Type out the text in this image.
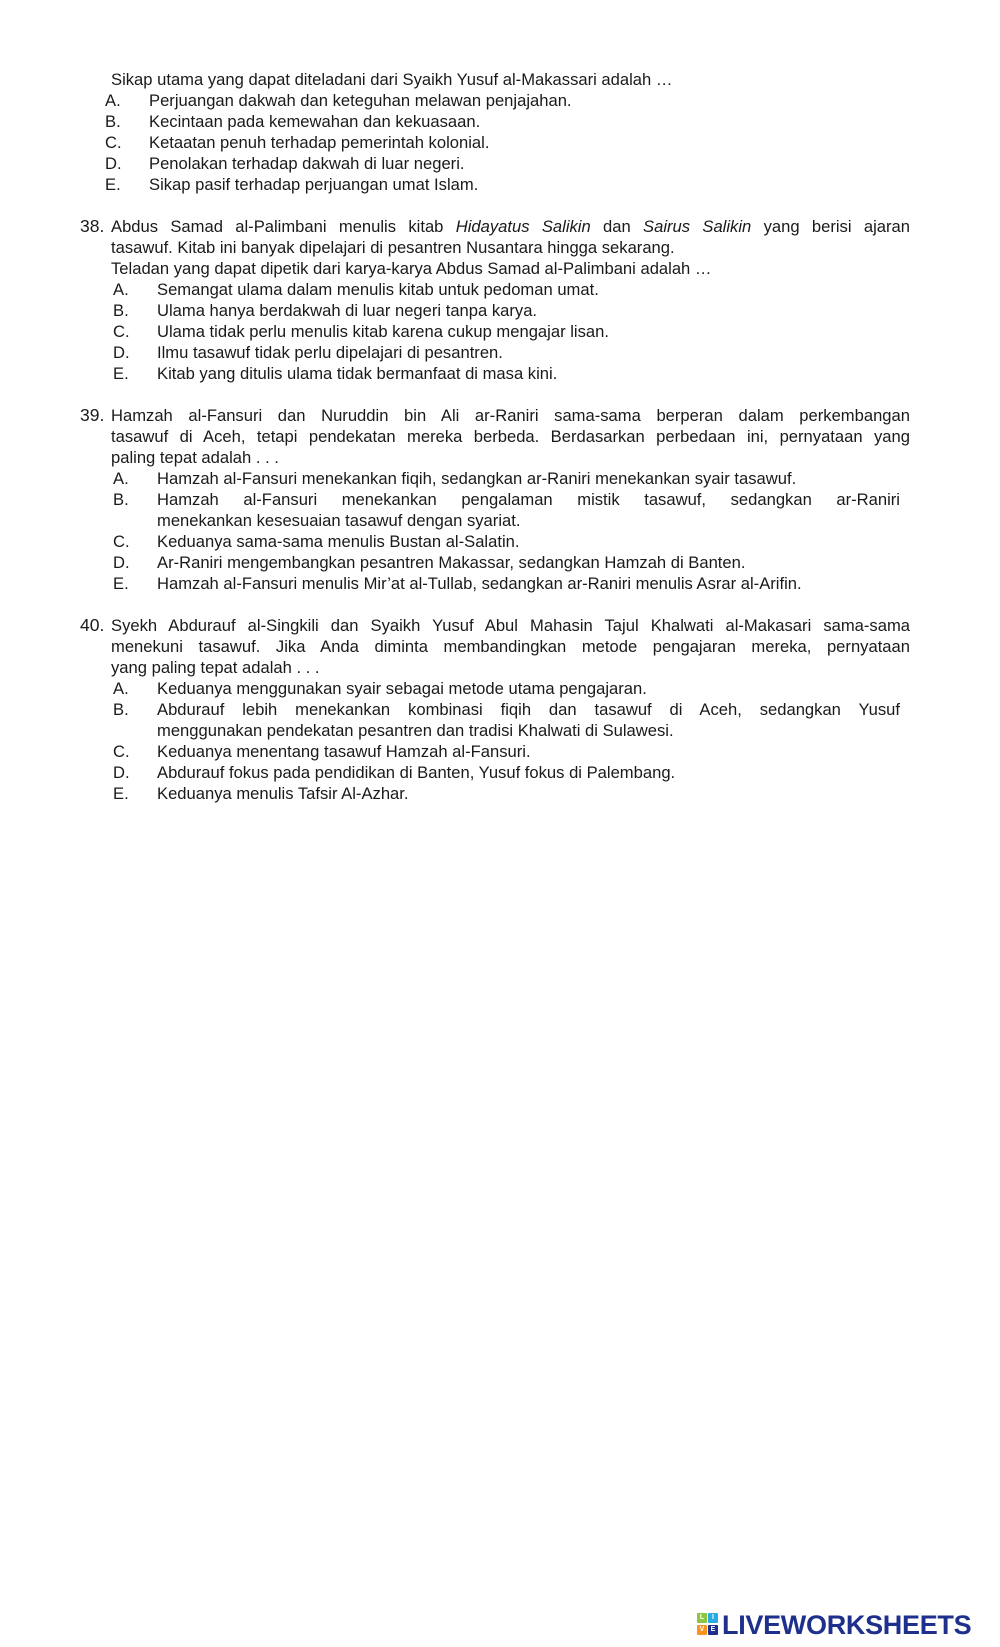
Sikap utama yang dapat diteladani dari Syaikh Yusuf al-Makassari adalah …
A. Perjuangan dakwah dan keteguhan melawan penjajahan.
B. Kecintaan pada kemewahan dan kekuasaan.
C. Ketaatan penuh terhadap pemerintah kolonial.
D. Penolakan terhadap dakwah di luar negeri.
E. Sikap pasif terhadap perjuangan umat Islam.
38. Abdus Samad al-Palimbani menulis kitab Hidayatus Salikin dan Sairus Salikin yang berisi ajaran
tasawuf. Kitab ini banyak dipelajari di pesantren Nusantara hingga sekarang.
Teladan yang dapat dipetik dari karya-karya Abdus Samad al-Palimbani adalah …
A. Semangat ulama dalam menulis kitab untuk pedoman umat.
B. Ulama hanya berdakwah di luar negeri tanpa karya.
C. Ulama tidak perlu menulis kitab karena cukup mengajar lisan.
D. Ilmu tasawuf tidak perlu dipelajari di pesantren.
E. Kitab yang ditulis ulama tidak bermanfaat di masa kini.
39. Hamzah al-Fansuri dan Nuruddin bin Ali ar-Raniri sama-sama berperan dalam perkembangan
tasawuf di Aceh, tetapi pendekatan mereka berbeda. Berdasarkan perbedaan ini, pernyataan yang
paling tepat adalah . . .
A. Hamzah al-Fansuri menekankan fiqih, sedangkan ar-Raniri menekankan syair tasawuf.
B. Hamzah al-Fansuri menekankan pengalaman mistik tasawuf, sedangkan ar-Raniri
menekankan kesesuaian tasawuf dengan syariat.
C. Keduanya sama-sama menulis Bustan al-Salatin.
D. Ar-Raniri mengembangkan pesantren Makassar, sedangkan Hamzah di Banten.
E. Hamzah al-Fansuri menulis Mir’at al-Tullab, sedangkan ar-Raniri menulis Asrar al-Arifin.
40. Syekh Abdurauf al-Singkili dan Syaikh Yusuf Abul Mahasin Tajul Khalwati al-Makasari sama-sama
menekuni tasawuf. Jika Anda diminta membandingkan metode pengajaran mereka, pernyataan
yang paling tepat adalah . . .
A. Keduanya menggunakan syair sebagai metode utama pengajaran.
B. Abdurauf lebih menekankan kombinasi fiqih dan tasawuf di Aceh, sedangkan Yusuf
menggunakan pendekatan pesantren dan tradisi Khalwati di Sulawesi.
C. Keduanya menentang tasawuf Hamzah al-Fansuri.
D. Abdurauf fokus pada pendidikan di Banten, Yusuf fokus di Palembang.
E. Keduanya menulis Tafsir Al-Azhar.
L	I
V E LIVEWORKSHEETS
